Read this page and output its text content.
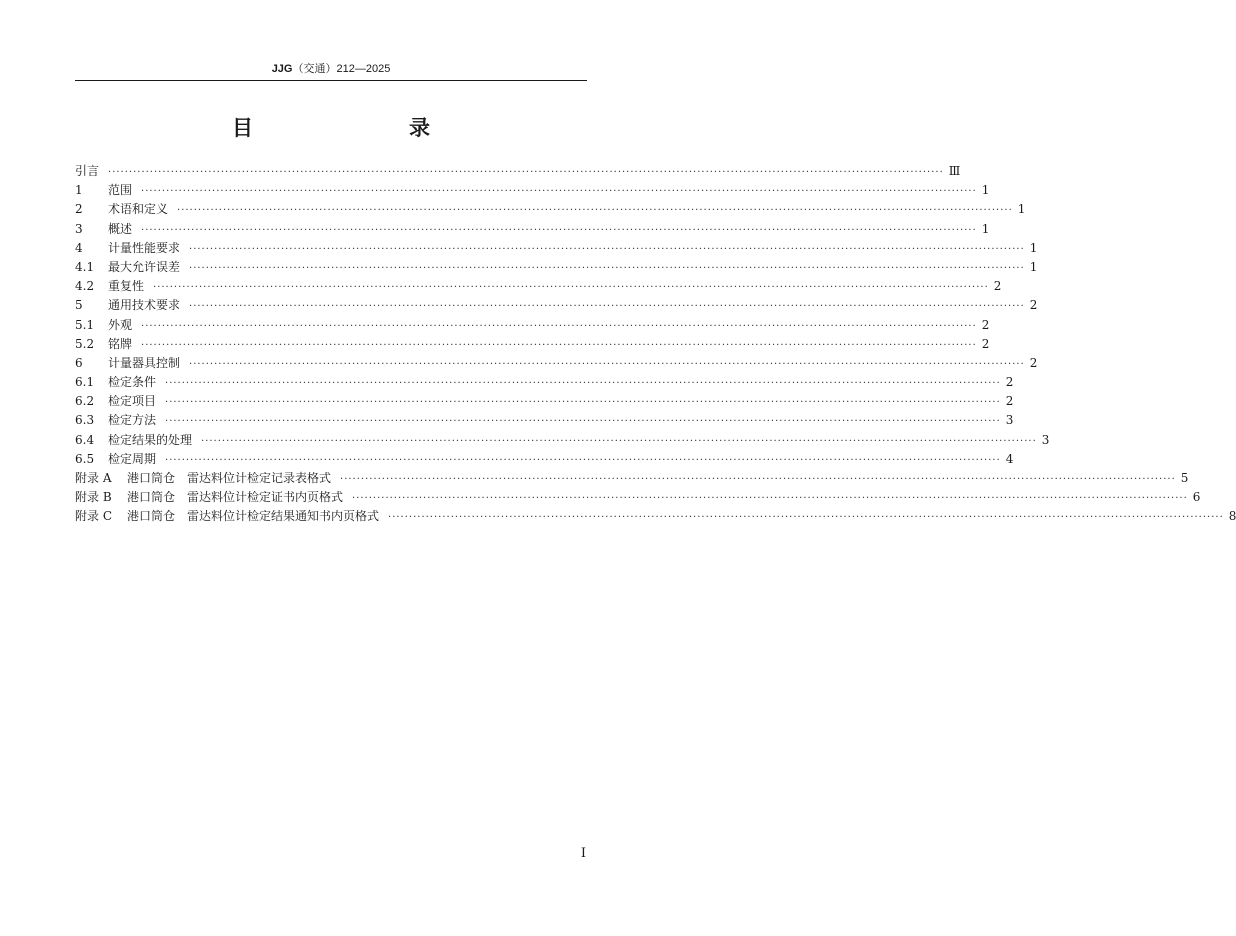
JJG（交通）212—2025
目　　录
引言 ········································································································································································································ Ⅲ
1	范围 ········································································································································································································ 1
2	术语和定义 ········································································································································································································ 1
3	概述 ········································································································································································································ 1
4	计量性能要求 ········································································································································································································ 1
4.1	最大允许误差 ········································································································································································································ 1
4.2	重复性 ········································································································································································································ 2
5	通用技术要求 ········································································································································································································ 2
5.1	外观 ········································································································································································································ 2
5.2	铭牌 ········································································································································································································ 2
6	计量器具控制 ········································································································································································································ 2
6.1	检定条件 ········································································································································································································ 2
6.2	检定项目 ········································································································································································································ 2
6.3	检定方法 ········································································································································································································ 3
6.4	检定结果的处理 ········································································································································································································ 3
6.5	检定周期 ········································································································································································································ 4
附录 A	港口筒仓　雷达料位计检定记录表格式 ········································································································································································································ 5
附录 B	港口筒仓　雷达料位计检定证书内页格式 ········································································································································································································ 6
附录 C	港口筒仓　雷达料位计检定结果通知书内页格式 ········································································································································································································ 8
I
